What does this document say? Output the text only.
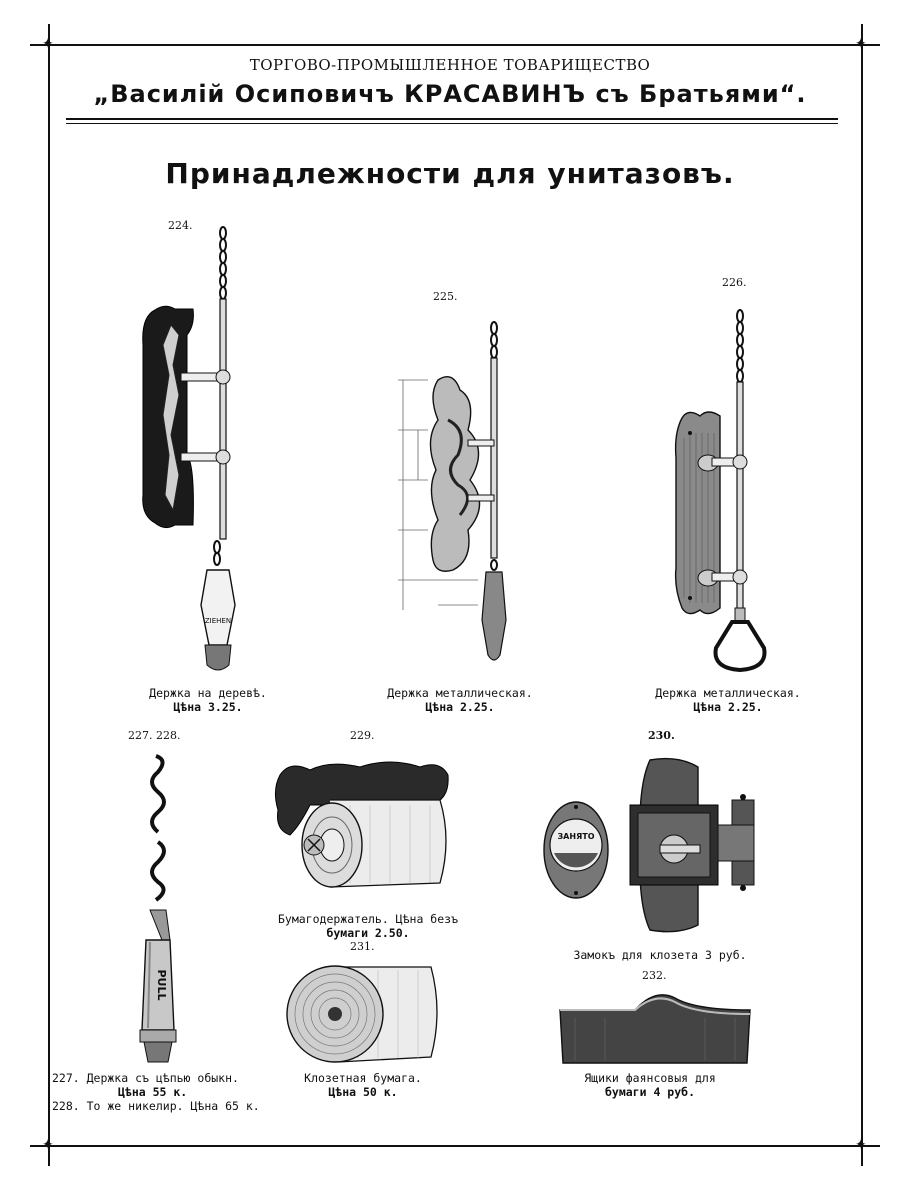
✦	✦
✦	✦
ТОРГОВО-ПРОМЫШЛЕННОЕ ТОВАРИЩЕСТВО
„Василій Осиповичъ КРАСАВИНЪ съ Братьями“.
Принадлежности для унитазовъ.
224.
ZIEHEN
Держка на деревѣ.
Цѣна 3.25.
225.
Держка металлическая.
Цѣна 2.25.
226.
Держка металлическая.
Цѣна 2.25.
227. 228.
PULL
227. Держка съ цѣпью обыкн.
Цѣна 55 к.
228. То же никелир. Цѣна 65 к.
229.
Бумагодержатель. Цѣна безъ
бумаги 2.50.
230.
ЗАНЯТО
Замокъ для клозета 3 руб.
231.
Клозетная бумага.
Цѣна 50 к.
232.
Ящики фаянсовыя для
бумаги 4 руб.
